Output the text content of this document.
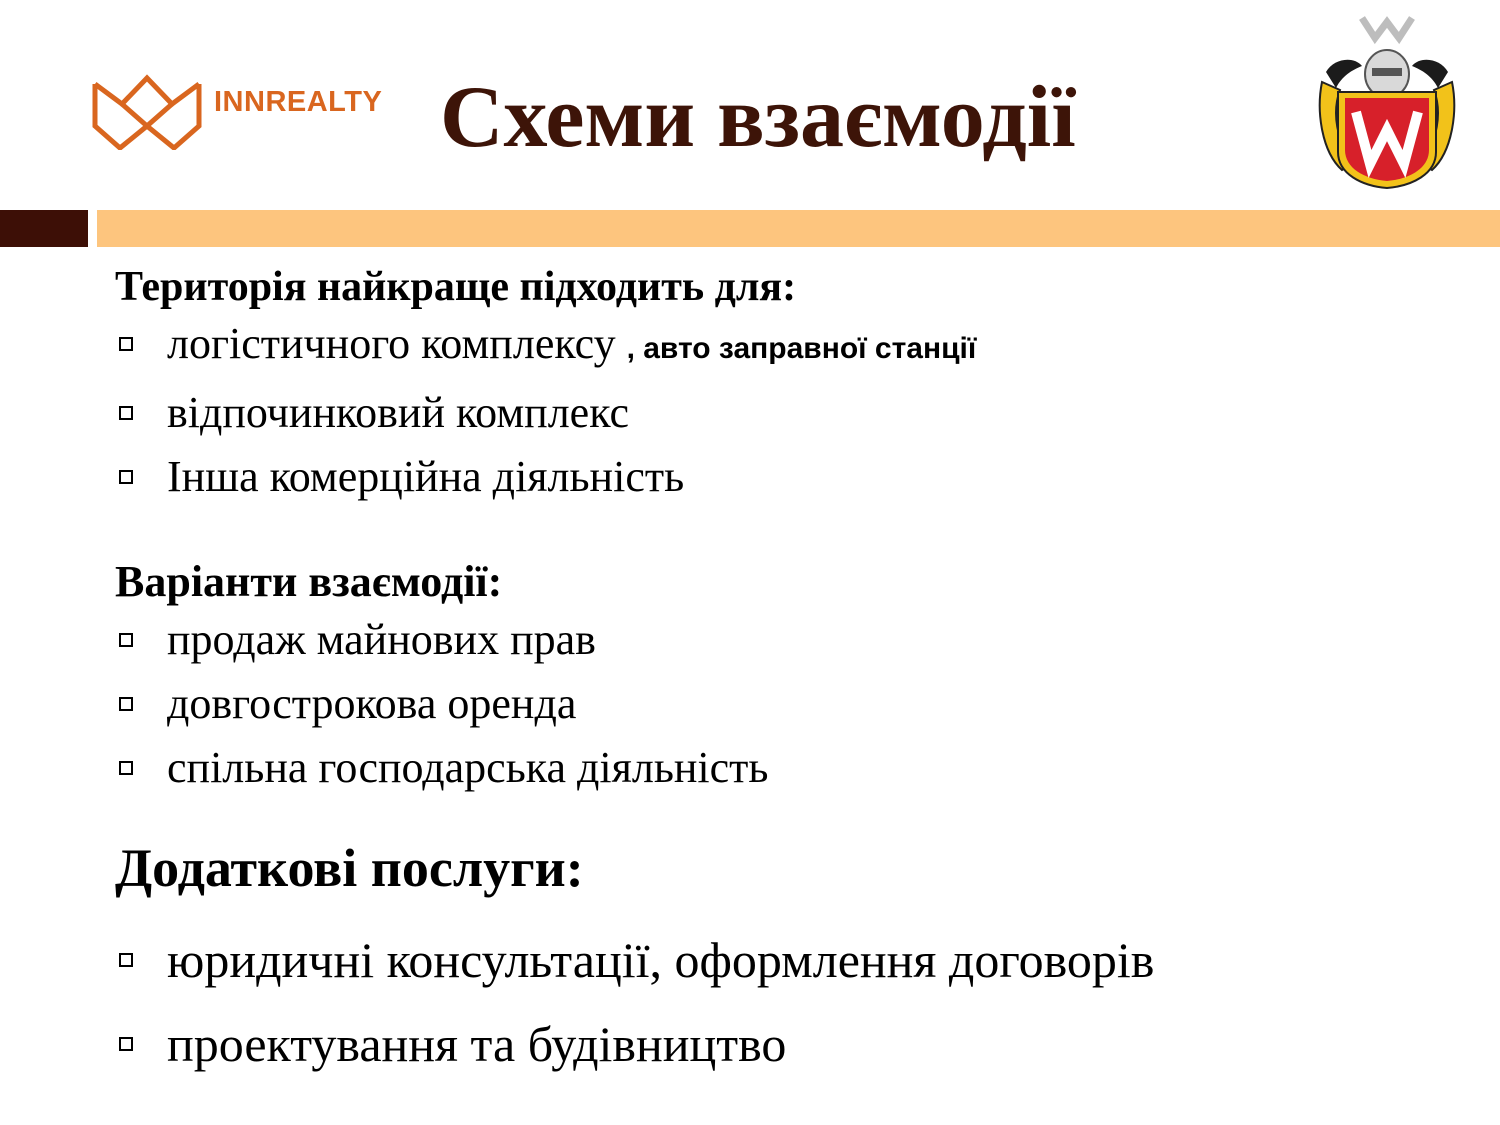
INNREALTY Схеми взаємодії

Територія найкраще підходить для:

логістичного комплексу , авто заправної станції
відпочинковий комплекс
Інша комерційна діяльність

Варіанти взаємодії:

продаж майнових прав
довгострокова оренда
спільна господарська діяльність

Додаткові послуги:

юридичні консультації, оформлення договорів
проектування та будівництво
